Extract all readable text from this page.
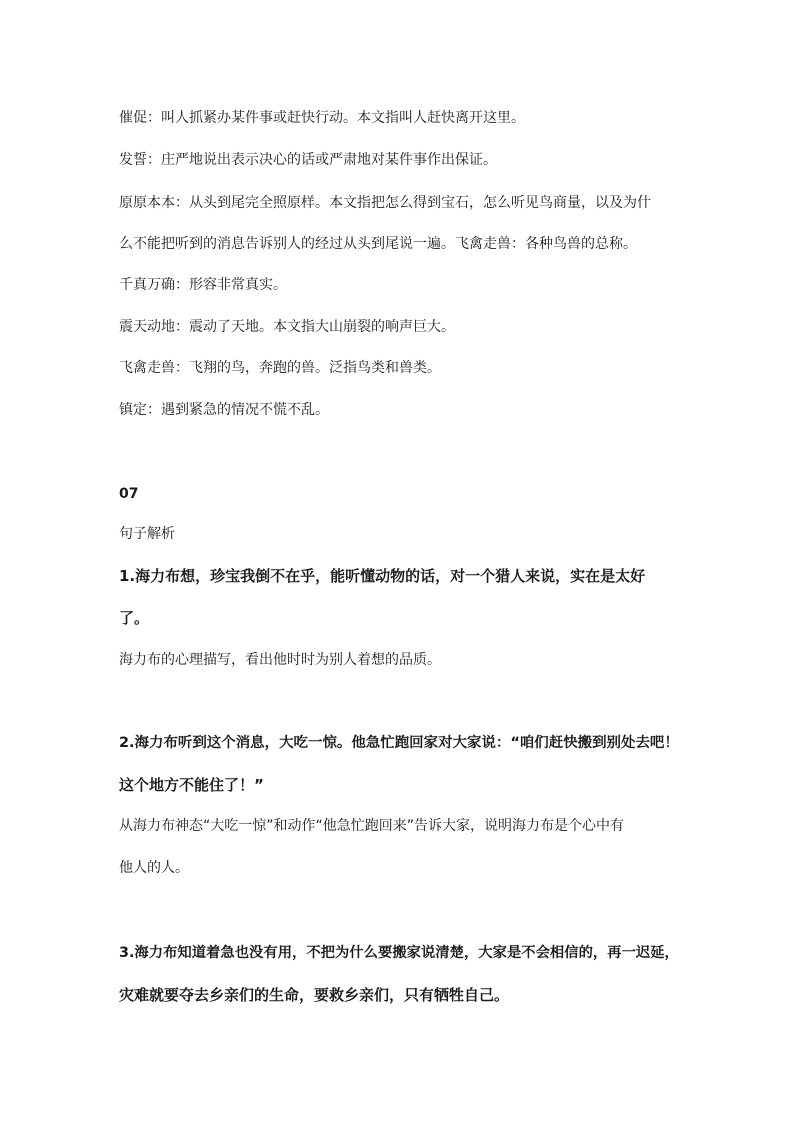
催促：叫人抓紧办某件事或赶快行动。本文指叫人赶快离开这里。
发誓：庄严地说出表示决心的话或严肃地对某件事作出保证。
原原本本：从头到尾完全照原样。本文指把怎么得到宝石，怎么听见鸟商量，以及为什
么不能把听到的消息告诉别人的经过从头到尾说一遍。飞禽走兽：各种鸟兽的总称。
千真万确：形容非常真实。
震天动地：震动了天地。本文指大山崩裂的响声巨大。
飞禽走兽：飞翔的鸟，奔跑的兽。泛指鸟类和兽类。
镇定：遇到紧急的情况不慌不乱。
07
句子解析
1.海力布想，珍宝我倒不在乎，能听懂动物的话，对一个猎人来说，实在是太好
了。
海力布的心理描写，看出他时时为别人着想的品质。
2.海力布听到这个消息，大吃一惊。他急忙跑回家对大家说：“咱们赶快搬到别处去吧！
这个地方不能住了！”
从海力布神态“大吃一惊”和动作“他急忙跑回来”告诉大家，说明海力布是个心中有
他人的人。
3.海力布知道着急也没有用，不把为什么要搬家说清楚，大家是不会相信的，再一迟延，
灾难就要夺去乡亲们的生命，要救乡亲们，只有牺牲自己。
